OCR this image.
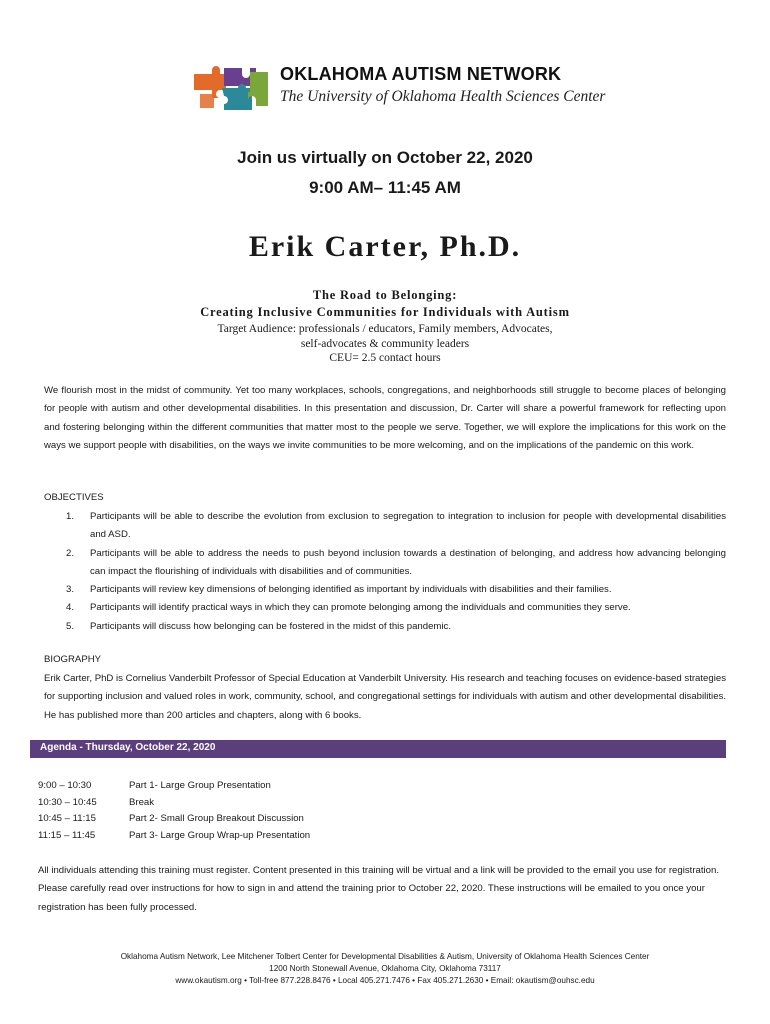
OKLAHOMA AUTISM NETWORK
The University of Oklahoma Health Sciences Center
Join us virtually on October 22, 2020
9:00 AM– 11:45 AM
Erik Carter, Ph.D.
The Road to Belonging:
Creating Inclusive Communities for Individuals with Autism
Target Audience: professionals / educators, Family members, Advocates,
self-advocates & community leaders
CEU= 2.5 contact hours
We flourish most in the midst of community. Yet too many workplaces, schools, congregations, and neighborhoods still struggle to become places of belonging for people with autism and other developmental disabilities. In this presentation and discussion, Dr. Carter will share a powerful framework for reflecting upon and fostering belonging within the different communities that matter most to the people we serve. Together, we will explore the implications for this work on the ways we support people with disabilities, on the ways we invite communities to be more welcoming, and on the implications of the pandemic on this work.
OBJECTIVES
1. Participants will be able to describe the evolution from exclusion to segregation to integration to inclusion for people with developmental disabilities and ASD.
2. Participants will be able to address the needs to push beyond inclusion towards a destination of belonging, and address how advancing belonging can impact the flourishing of individuals with disabilities and of communities.
3. Participants will review key dimensions of belonging identified as important by individuals with disabilities and their families.
4. Participants will identify practical ways in which they can promote belonging among the individuals and communities they serve.
5. Participants will discuss how belonging can be fostered in the midst of this pandemic.
BIOGRAPHY
Erik Carter, PhD is Cornelius Vanderbilt Professor of Special Education at Vanderbilt University. His research and teaching focuses on evidence-based strategies for supporting inclusion and valued roles in work, community, school, and congregational settings for individuals with autism and other developmental disabilities. He has published more than 200 articles and chapters, along with 6 books.
Agenda - Thursday, October 22, 2020
9:00 – 10:30	Part 1- Large Group Presentation
10:30 – 10:45	Break
10:45 – 11:15	Part 2- Small Group Breakout Discussion
11:15 – 11:45	Part 3- Large Group Wrap-up Presentation
All individuals attending this training must register. Content presented in this training will be virtual and a link will be provided to the email you use for registration. Please carefully read over instructions for how to sign in and attend the training prior to October 22, 2020. These instructions will be emailed to you once your registration has been fully processed.
Oklahoma Autism Network, Lee Mitchener Tolbert Center for Developmental Disabilities & Autism, University of Oklahoma Health Sciences Center
1200 North Stonewall Avenue, Oklahoma City, Oklahoma 73117
www.okautism.org • Toll-free 877.228.8476 • Local 405.271.7476 • Fax 405.271.2630 • Email: okautism@ouhsc.edu
